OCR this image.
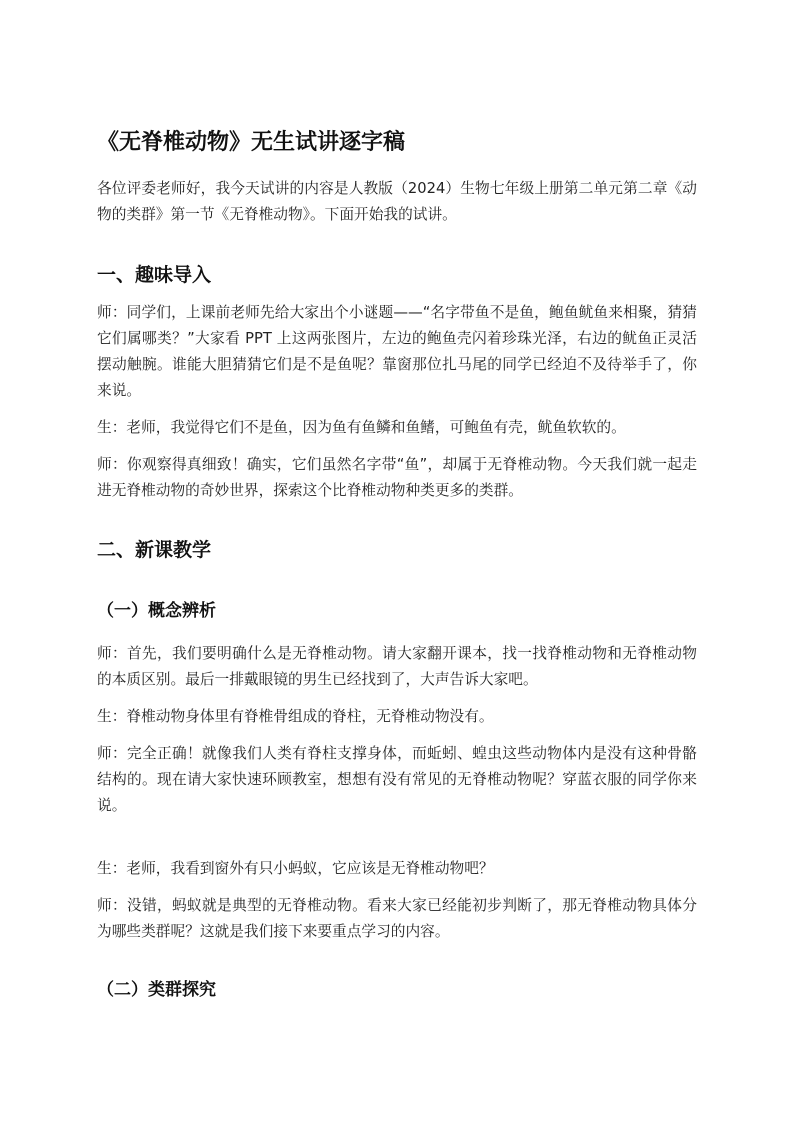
《无脊椎动物》无生试讲逐字稿

各位评委老师好，我今天试讲的内容是人教版（2024）生物七年级上册第二单元第二章《动物的类群》第一节《无脊椎动物》。下面开始我的试讲。

一、趣味导入

师：同学们，上课前老师先给大家出个小谜题——“名字带鱼不是鱼，鲍鱼鱿鱼来相聚，猜猜它们属哪类？”大家看 PPT 上这两张图片，左边的鲍鱼壳闪着珍珠光泽，右边的鱿鱼正灵活摆动触腕。谁能大胆猜猜它们是不是鱼呢？靠窗那位扎马尾的同学已经迫不及待举手了，你来说。

生：老师，我觉得它们不是鱼，因为鱼有鱼鳞和鱼鳍，可鲍鱼有壳，鱿鱼软软的。

师：你观察得真细致！确实，它们虽然名字带“鱼”，却属于无脊椎动物。今天我们就一起走进无脊椎动物的奇妙世界，探索这个比脊椎动物种类更多的类群。

二、新课教学
（一）概念辨析

师：首先，我们要明确什么是无脊椎动物。请大家翻开课本，找一找脊椎动物和无脊椎动物的本质区别。最后一排戴眼镜的男生已经找到了，大声告诉大家吧。

生：脊椎动物身体里有脊椎骨组成的脊柱，无脊椎动物没有。

师：完全正确！就像我们人类有脊柱支撑身体，而蚯蚓、蝗虫这些动物体内是没有这种骨骼结构的。现在请大家快速环顾教室，想想有没有常见的无脊椎动物呢？穿蓝衣服的同学你来说。

生：老师，我看到窗外有只小蚂蚁，它应该是无脊椎动物吧？

师：没错，蚂蚁就是典型的无脊椎动物。看来大家已经能初步判断了，那无脊椎动物具体分为哪些类群呢？这就是我们接下来要重点学习的内容。

（二）类群探究
